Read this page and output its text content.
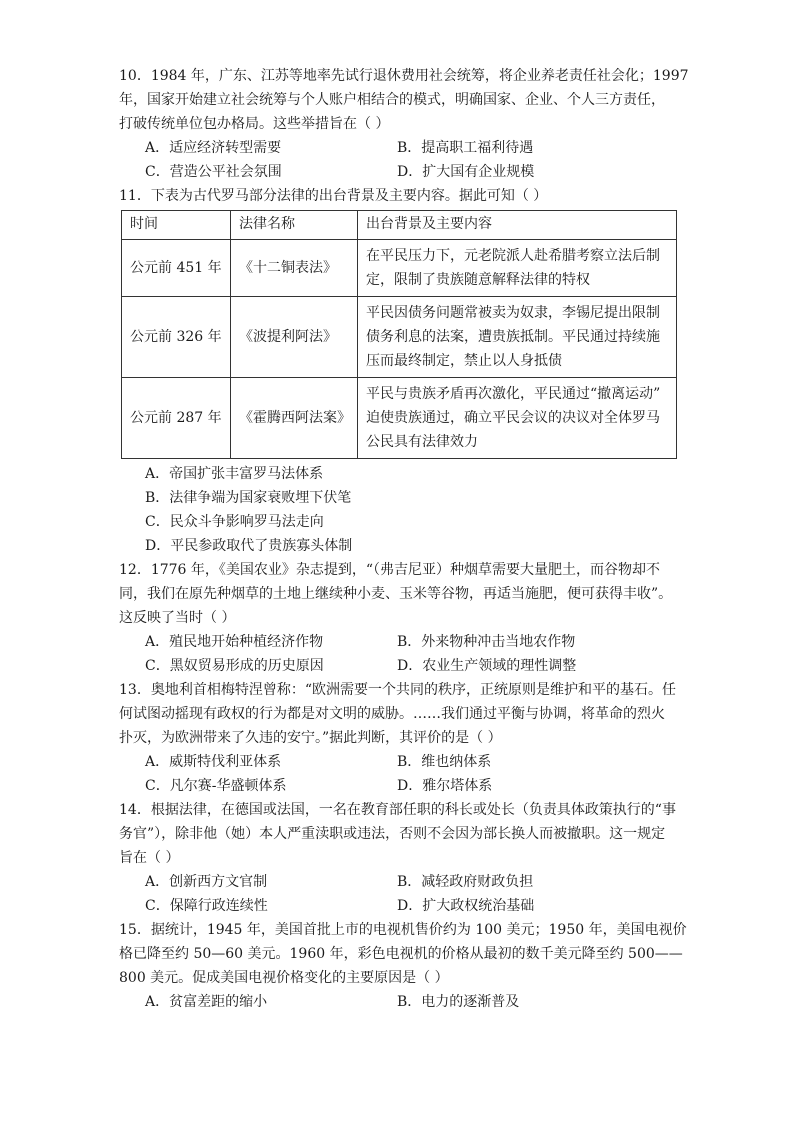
10．1984 年，广东、江苏等地率先试行退休费用社会统筹，将企业养老责任社会化；1997
年，国家开始建立社会统筹与个人账户相结合的模式，明确国家、企业、个人三方责任，
打破传统单位包办格局。这些举措旨在（ ）
A．适应经济转型需要	B．提高职工福利待遇
C．营造公平社会氛围	D．扩大国有企业规模
11．下表为古代罗马部分法律的出台背景及主要内容。据此可知（ ）
时间	法律名称	出台背景及主要内容
公元前 451 年	《十二铜表法》	在平民压力下，元老院派人赴希腊考察立法后制
定，限制了贵族随意解释法律的特权

公元前 326 年	《波提利阿法》	平民因债务问题常被卖为奴隶，李锡尼提出限制
债务利息的法案，遭贵族抵制。平民通过持续施
压而最终制定，禁止以人身抵债

公元前 287 年	《霍腾西阿法案》	平民与贵族矛盾再次激化，平民通过“撤离运动”
迫使贵族通过，确立平民会议的决议对全体罗马
公民具有法律效力
A．帝国扩张丰富罗马法体系
B．法律争端为国家衰败埋下伏笔
C．民众斗争影响罗马法走向
D．平民参政取代了贵族寡头体制
12．1776 年，《美国农业》杂志提到，“（弗吉尼亚）种烟草需要大量肥土，而谷物却不
同，我们在原先种烟草的土地上继续种小麦、玉米等谷物，再适当施肥，便可获得丰收”。
这反映了当时（ ）
A．殖民地开始种植经济作物	B．外来物种冲击当地农作物
C．黑奴贸易形成的历史原因	D．农业生产领域的理性调整
13．奥地利首相梅特涅曾称：“欧洲需要一个共同的秩序，正统原则是维护和平的基石。任
何试图动摇现有政权的行为都是对文明的威胁。……我们通过平衡与协调，将革命的烈火
扑灭，为欧洲带来了久违的安宁。”据此判断，其评价的是（ ）
A．威斯特伐利亚体系	B．维也纳体系
C．凡尔赛-华盛顿体系	D．雅尔塔体系
14．根据法律，在德国或法国，一名在教育部任职的科长或处长（负责具体政策执行的“事
务官”），除非他（她）本人严重渎职或违法，否则不会因为部长换人而被撤职。这一规定
旨在（ ）
A．创新西方文官制	B．减轻政府财政负担
C．保障行政连续性	D．扩大政权统治基础
15．据统计，1945 年，美国首批上市的电视机售价约为 100 美元；1950 年，美国电视价
格已降至约 50—60 美元。1960 年，彩色电视机的价格从最初的数千美元降至约 500——
800 美元。促成美国电视价格变化的主要原因是（ ）
A．贫富差距的缩小	B．电力的逐渐普及
